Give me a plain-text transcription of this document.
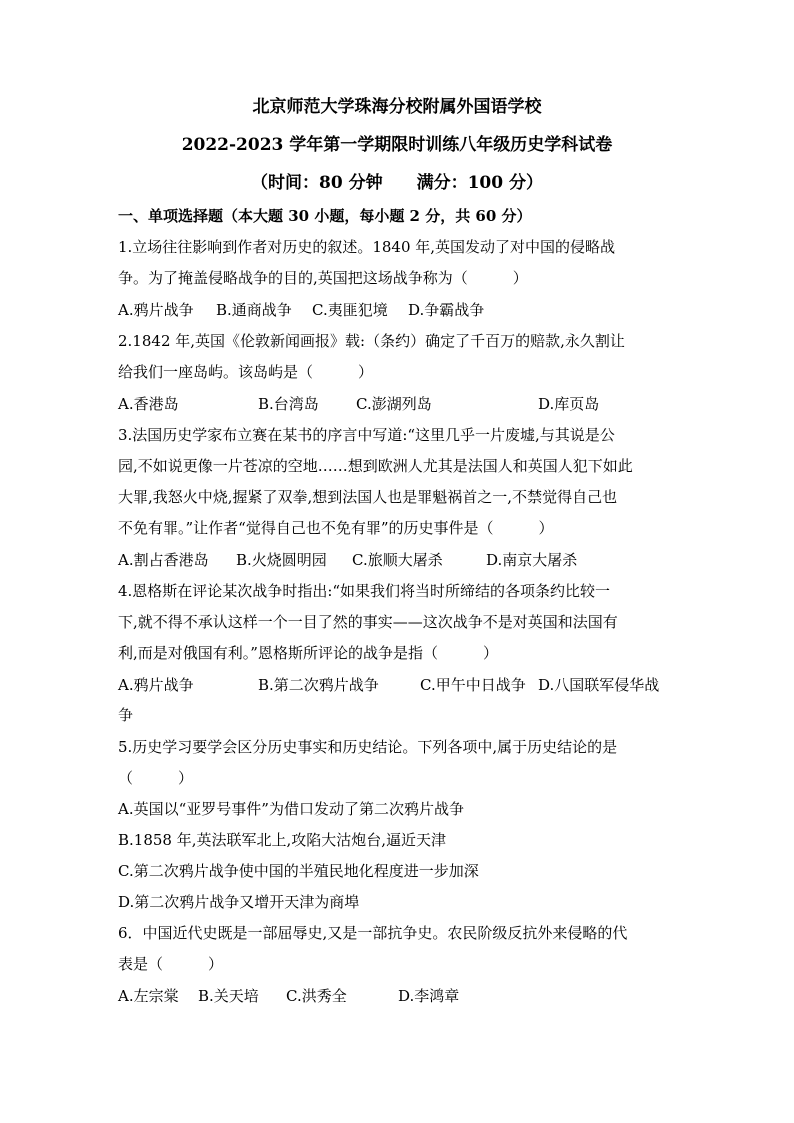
北京师范大学珠海分校附属外国语学校
2022-2023 学年第一学期限时训练八年级历史学科试卷
（时间：80 分钟　　满分：100 分）
一、单项选择题（本大题 30 小题，每小题 2 分，共 60 分）
1.立场往往影响到作者对历史的叙述。1840 年,英国发动了对中国的侵略战
争。为了掩盖侵略战争的目的,英国把这场战争称为（　　　）
A.鸦片战争 B.通商战争 C.夷匪犯境 D.争霸战争
2.1842 年,英国《伦敦新闻画报》载:（条约）确定了千百万的赔款,永久割让
给我们一座岛屿。该岛屿是（　　　）
A.香港岛	B.台湾岛 C.澎湖列岛	D.库页岛
3.法国历史学家布立赛在某书的序言中写道:“这里几乎一片废墟,与其说是公
园,不如说更像一片苍凉的空地……想到欧洲人尤其是法国人和英国人犯下如此
大罪,我怒火中烧,握紧了双拳,想到法国人也是罪魁祸首之一,不禁觉得自己也
不免有罪。”让作者“觉得自己也不免有罪”的历史事件是（　　　）
A.割占香港岛 B.火烧圆明园 C.旅顺大屠杀	D.南京大屠杀
4.恩格斯在评论某次战争时指出:“如果我们将当时所缔结的各项条约比较一
下,就不得不承认这样一个一目了然的事实——这次战争不是对英国和法国有
利,而是对俄国有利。”恩格斯所评论的战争是指（　　　）
A.鸦片战争	B.第二次鸦片战争	C.甲午中日战争 D.八国联军侵华战
争
5.历史学习要学会区分历史事实和历史结论。下列各项中,属于历史结论的是
（　　　）
A.英国以“亚罗号事件”为借口发动了第二次鸦片战争
B.1858 年,英法联军北上,攻陷大沽炮台,逼近天津
C.第二次鸦片战争使中国的半殖民地化程度进一步加深
D.第二次鸦片战争又增开天津为商埠
6．中国近代史既是一部屈辱史,又是一部抗争史。农民阶级反抗外来侵略的代
表是（　　　）
A.左宗棠 B.关天培 C.洪秀全	D.李鸿章
